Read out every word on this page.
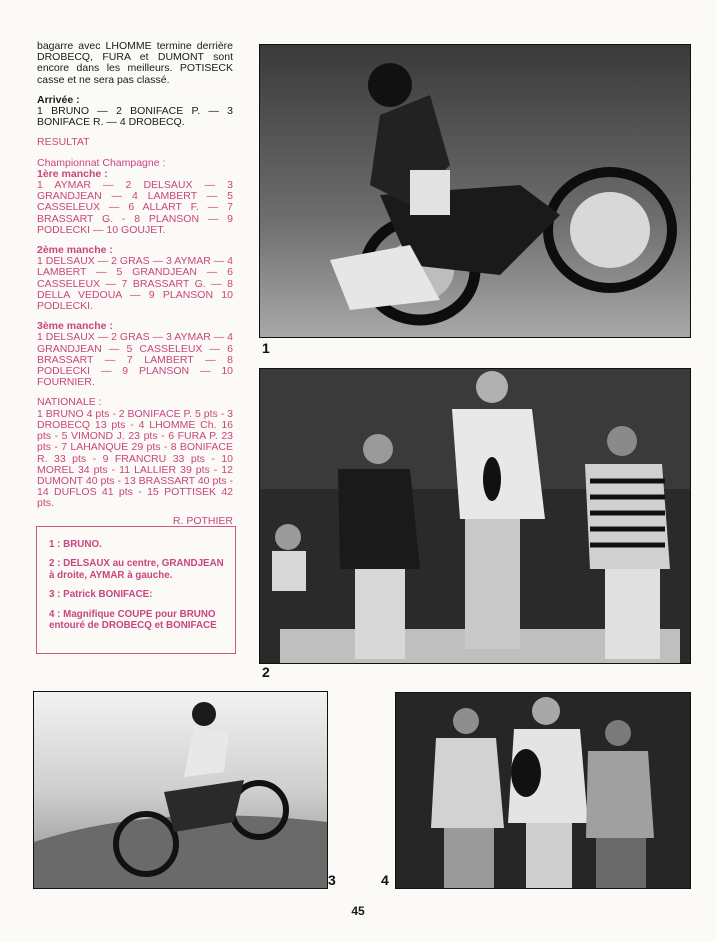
bagarre avec LHOMME termine derrière DROBECQ, FURA et DUMONT sont encore dans les meilleurs. POTISECK casse et ne sera pas classé.

Arrivée :
1 BRUNO — 2 BONIFACE P. — 3 BONIFACE R. — 4 DROBECQ.
RESULTAT
Championnat Champagne :
1ère manche :
1 AYMAR — 2 DELSAUX — 3 GRANDJEAN — 4 LAMBERT — 5 CASSELEUX — 6 ALLART F. — 7 BRASSART G. - 8 PLANSON — 9 PODLECKI — 10 GOUJET.
2ème manche :
1 DELSAUX — 2 GRAS — 3 AYMAR — 4 LAMBERT — 5 GRANDJEAN — 6 CASSELEUX — 7 BRASSART G. — 8 DELLA VEDOUA — 9 PLANSON 10 PODLECKI.
3ème manche :
1 DELSAUX — 2 GRAS — 3 AYMAR — 4 GRANDJEAN — 5 CASSELEUX — 6 BRASSART — 7 LAMBERT — 8 PODLECKI — 9 PLANSON — 10 FOURNIER.
NATIONALE :
1 BRUNO 4 pts - 2 BONIFACE P. 5 pts - 3 DROBECQ 13 pts - 4 LHOMME Ch. 16 pts - 5 VIMOND J. 23 pts - 6 FURA P. 23 pts - 7 LAHANQUE 29 pts - 8 BONIFACE R. 33 pts - 9 FRANCRU 33 pts - 10 MOREL 34 pts - 11 LALLIER 39 pts - 12 DUMONT 40 pts - 13 BRASSART 40 pts - 14 DUFLOS 41 pts - 15 POTTISEK 42 pts.
R. POTHIER

1 : BRUNO.

2 : DELSAUX au centre, GRANDJEAN à droite, AYMAR à gauche.

3 : Patrick BONIFACE:

4 : Magnifique COUPE pour BRUNO entouré de DROBECQ et BONIFACE

1
2
3	4
45
